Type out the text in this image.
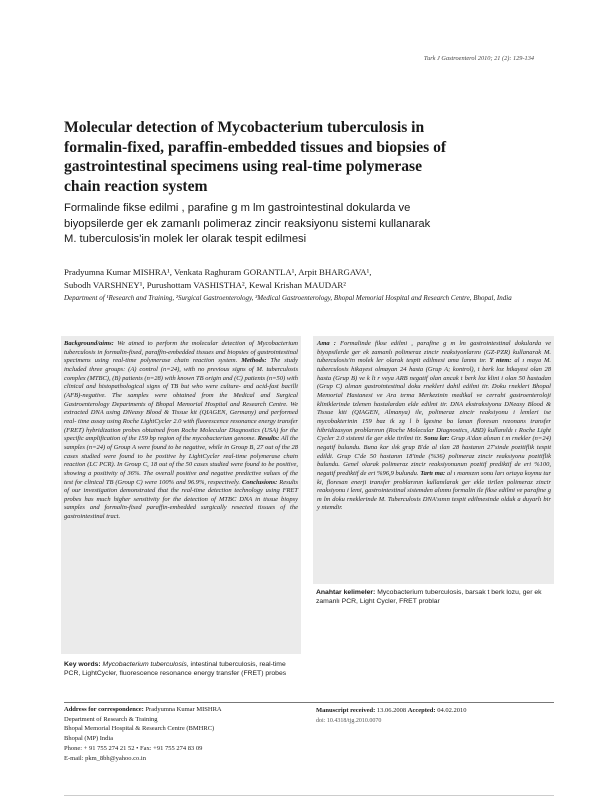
Turk J Gastroenterol 2010; 21 (2): 129-134
Molecular detection of Mycobacterium tuberculosis in
formalin-fixed, paraffin-embedded tissues and biopsies of
gastrointestinal specimens using real-time polymerase
chain reaction system
Formalinde fikse edilmi , parafine g m lm gastrointestinal dokularda ve
biyopsilerde ger ek zamanlı polimeraz zincir reaksiyonu sistemi kullanarak
M. tuberculosis'in molek ler olarak tespit edilmesi
Pradyumna Kumar MISHRA¹, Venkata Raghuram GORANTLA¹, Arpit BHARGAVA¹,
Subodh VARSHNEY¹, Purushottam VASHISTHA², Kewal Krishan MAUDAR²
Department of ¹Research and Training, ²Surgical Gastroenterology, ³Medical Gastroenterology, Bhopal Memorial Hospital and Research Centre, Bhopal, India
Background/aims: We aimed to perform the molecular detection of Mycobacterium tuberculosis in formalin-fixed, paraffin-embedded tissues and biopsies of gastrointestinal specimens using real-time polymerase chain reaction system. Methods: The study included three groups: (A) control (n=24), with no previous signs of M. tuberculosis complex (MTBC), (B) patients (n=28) with known TB origin and (C) patients (n=50) with clinical and histopathological signs of TB but who were culture- and acid-fast bacilli (AFB)-negative. The samples were obtained from the Medical and Surgical Gastroenterology Departments of Bhopal Memorial Hospital and Research Centre. We extracted DNA using DNeasy Blood & Tissue kit (QIAGEN, Germany) and performed real- time assay using Roche LightCycler 2.0 with fluorescence resonance energy transfer (FRET) hybridization probes obtained from Roche Molecular Diagnostics (USA) for the specific amplification of the 159 bp region of the mycobacterium genome. Results: All the samples (n=24) of Group A were found to be negative, while in Group B, 27 out of the 28 cases studied were found to be positive by LightCycler real-time polymerase chain reaction (LC PCR). In Group C, 18 out of the 50 cases studied were found to be positive, showing a positivity of 36%. The overall positive and negative predictive values of the test for clinical TB (Group C) were 100% and 96.9%, respectively. Conclusions: Results of our investigation demonstrated that the real-time detection technology using FRET probes has much higher sensitivity for the detection of MTBC DNA in tissue biopsy samples and formalin-fixed paraffin-embedded surgically resected tissues of the gastrointestinal tract.
Ama : Formalinde fikse edilmi , parafine g m lm gastrointestinal dokularda ve biyopsilerde ger ek zamanlı polimeraz zincir reaksiyonlarını (GZ-PZR) kullanarak M. tuberculosis'in molek ler olarak tespit edilmesi ama lanmı tır. Y ntem: al ı maya M. tuberculosis hikayesi olmayan 24 hasta (Grup A; kontrol), t berk loz hikayesi olan 28 hasta (Grup B) ve k lt r veya ARB negatif olan ancak t berk loz klini i olan 50 hastadan (Grup C) alınan gastrointestinal doku rnekleri dahil edilmi tir. Doku rnekleri Bhopal Memorial Hastanesi ve Ara tırma Merkezinin medikal ve cerrahi gastroenteroloji kliniklerinde izlenen hastalardan elde edilmi tir. DNA ekstraksiyonu DNeasy Blood & Tissue kiti (QIAGEN, Almanya) ile, polimeraz zincir reaksiyonu i lemleri ise mycobakterinin 159 baz ik zg l b lgesine ba lanan floresan rezonans transfer hibridizasyon problarının (Roche Molecular Diagnostics, ABD) kullanıldı ı Roche Light Cycler 2.0 sistemi ile ger ekle tirilmi tir. Sonu lar: Grup A'dan alınan t m rnekler (n=24) negatif bulundu. Buna kar ılık grup B'de al ılan 28 hastanın 27'sinde pozitiflik tespit edildi. Grup C'de 50 hastanın 18'inde (%36) polimeraz zincir reaksiyonu pozitiflik bulundu. Genel olarak polimeraz zincir reaksiyonunun pozitif prediktif de eri %100, negatif prediktif de eri %96,9 bulundu. Tartı ma: al ı mamızın sonu ları ortaya koymu tur ki, floresan enerji transfer problarının kullanılarak ger ekle tirilen polimeraz zincir reaksiyonu i lemi, gastrointestinal sistemden alınmı formalin ile fikse edilmi ve parafine g m lm doku rneklerinde M. Tuberculosis DNA'sının tespit edilmesinde olduk a duyarlı bir y ntemdir.
Anahtar kelimeler: Mycobacterium tuberculosis, barsak t berk lozu, ger ek zamanlı PCR, Light Cycler, FRET problar
Key words: Mycobacterium tuberculosis, intestinal tuberculosis, real-time PCR, LightCycler, fluorescence resonance energy transfer (FRET) probes
Address for correspondence: Pradyumna Kumar MISHRA
Department of Research & Training
Bhopal Memorial Hospital & Research Centre (BMHRC)
Bhopal (MP) India
Phone: + 91 755 274 21 52 • Fax: +91 755 274 83 09
E-mail: pkm_8bh@yahoo.co.in
Manuscript received: 13.06.2008 Accepted: 04.02.2010
doi: 10.4318/tjg.2010.0070
